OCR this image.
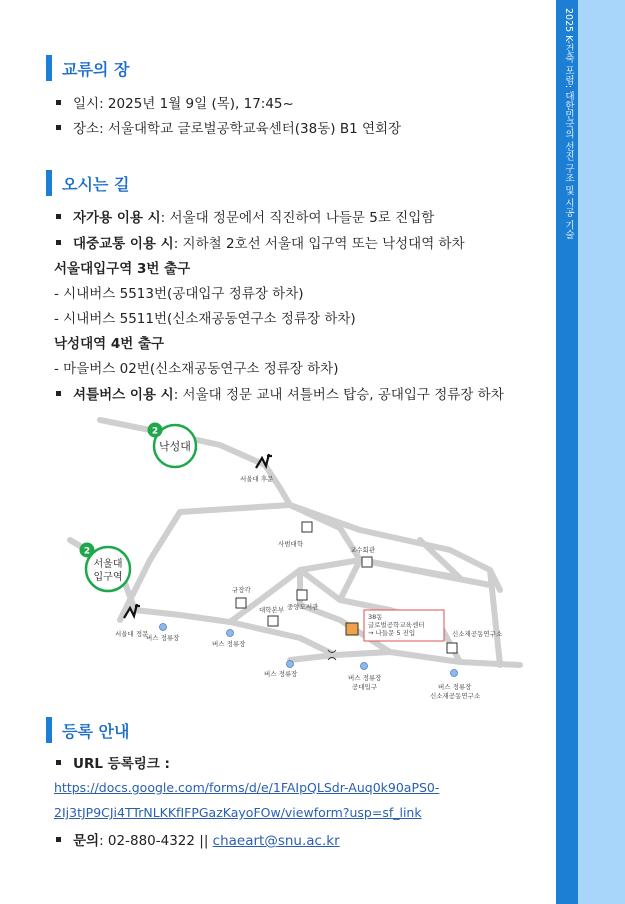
2025 K-건축 포럼: 대한민국의 선진 구조 및 시공 기술
교류의 장
일시: 2025년 1월 9일 (목), 17:45~
장소: 서울대학교 글로벌공학교육센터(38동) B1 연회장
오시는 길
자가용 이용 시: 서울대 정문에서 직진하여 나들문 5로 진입함
대중교통 이용 시: 지하철 2호선 서울대 입구역 또는 낙성대역 하차
서울대입구역 3번 출구
- 시내버스 5513번(공대입구 정류장 하차)
- 시내버스 5511번(신소재공동연구소 정류장 하차)
낙성대역 4번 출구
- 마을버스 02번(신소재공동연구소 정류장 하차)
셔틀버스 이용 시: 서울대 정문 교내 셔틀버스 탑승, 공대입구 정류장 하차
2
낙성대
2
서울대
입구역
서울대 후문
서울대 정문
사범대학
교수회관
규장각
중앙도서관
대학본부
신소재공동연구소
38동
글로벌공학교육센터
→ 나들문 5 진입
버스 정류장
버스 정류장
버스 정류장	버스 정류장
공대입구	버스 정류장
신소재공동연구소
등록 안내
URL 등록링크 :
https://docs.google.com/forms/d/e/1FAIpQLSdr-Auq0k90aPS0-
2Ij3tJP9CJi4TTrNLKKfIFPGazKayoFOw/viewform?usp=sf_link
문의: 02-880-4322 || chaeart@snu.ac.kr
